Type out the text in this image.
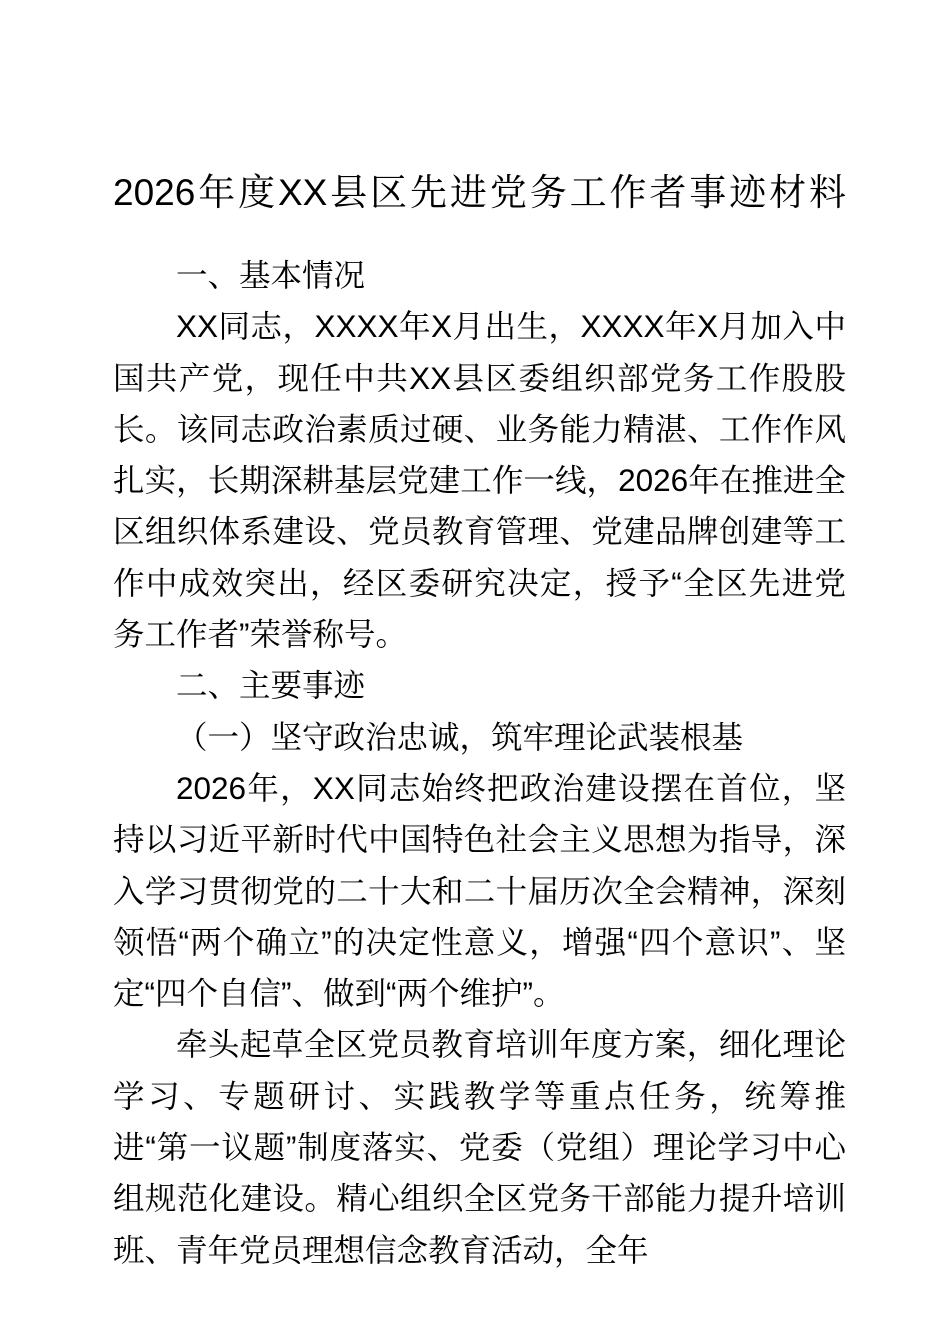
2026年度XX县区先进党务工作者事迹材料

一、基本情况

XX同志，XXXX年X月出生，XXXX年X月加入中国共产党，现任中共XX县区委组织部党务工作股股长。该同志政治素质过硬、业务能力精湛、工作作风扎实，长期深耕基层党建工作一线，2026年在推进全区组织体系建设、党员教育管理、党建品牌创建等工作中成效突出，经区委研究决定，授予“全区先进党务工作者”荣誉称号。

二、主要事迹

（一）坚守政治忠诚，筑牢理论武装根基

2026年，XX同志始终把政治建设摆在首位，坚持以习近平新时代中国特色社会主义思想为指导，深入学习贯彻党的二十大和二十届历次全会精神，深刻领悟“两个确立”的决定性意义，增强“四个意识”、坚定“四个自信”、做到“两个维护”。

牵头起草全区党员教育培训年度方案，细化理论学习、专题研讨、实践教学等重点任务，统筹推进“第一议题”制度落实、党委（党组）理论学习中心组规范化建设。精心组织全区党务干部能力提升培训班、青年党员理想信念教育活动，全年
